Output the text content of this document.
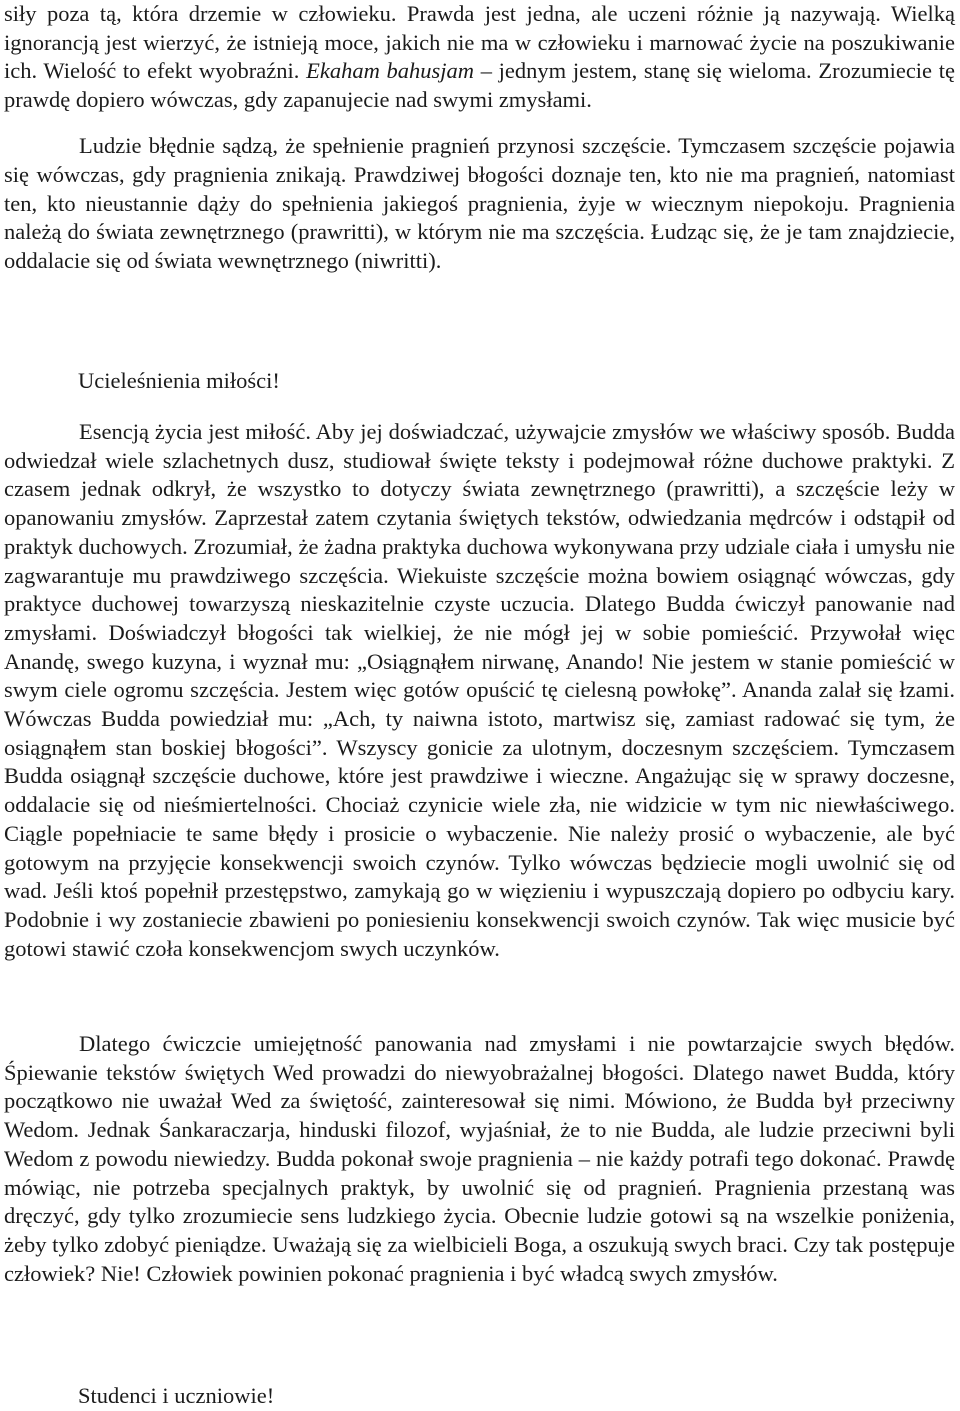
siły poza tą, która drzemie w człowieku. Prawda jest jedna, ale uczeni różnie ją nazywają. Wielką ignorancją jest wierzyć, że istnieją moce, jakich nie ma w człowieku i marnować życie na poszukiwanie ich. Wielość to efekt wyobraźni. Ekaham bahusjam – jednym jestem, stanę się wieloma. Zrozumiecie tę prawdę dopiero wówczas, gdy zapanujecie nad swymi zmysłami.

Ludzie błędnie sądzą, że spełnienie pragnień przynosi szczęście. Tymczasem szczęście pojawia się wówczas, gdy pragnienia znikają. Prawdziwej błogości doznaje ten, kto nie ma pragnień, natomiast ten, kto nieustannie dąży do spełnienia jakiegoś pragnienia, żyje w wiecznym niepokoju. Pragnienia należą do świata zewnętrznego (prawritti), w którym nie ma szczęścia. Łudząc się, że je tam znajdziecie, oddalacie się od świata wewnętrznego (niwritti).

Ucieleśnienia miłości!

Esencją życia jest miłość. Aby jej doświadczać, używajcie zmysłów we właściwy sposób. Budda odwiedzał wiele szlachetnych dusz, studiował święte teksty i podejmował różne duchowe praktyki. Z czasem jednak odkrył, że wszystko to dotyczy świata zewnętrznego (prawritti), a szczęście leży w opanowaniu zmysłów. Zaprzestał zatem czytania świętych tekstów, odwiedzania mędrców i odstąpił od praktyk duchowych. Zrozumiał, że żadna praktyka duchowa wykonywana przy udziale ciała i umysłu nie zagwarantuje mu prawdziwego szczęścia. Wiekuiste szczęście można bowiem osiągnąć wówczas, gdy praktyce duchowej towarzyszą nieskazitelnie czyste uczucia. Dlatego Budda ćwiczył panowanie nad zmysłami. Doświadczył błogości tak wielkiej, że nie mógł jej w sobie pomieścić. Przywołał więc Anandę, swego kuzyna, i wyznał mu: „Osiągnąłem nirwanę, Anando! Nie jestem w stanie pomieścić w swym ciele ogromu szczęścia. Jestem więc gotów opuścić tę cielesną powłokę”. Ananda zalał się łzami. Wówczas Budda powiedział mu: „Ach, ty naiwna istoto, martwisz się, zamiast radować się tym, że osiągnąłem stan boskiej błogości”. Wszyscy gonicie za ulotnym, doczesnym szczęściem. Tymczasem Budda osiągnął szczęście duchowe, które jest prawdziwe i wieczne. Angażując się w sprawy doczesne, oddalacie się od nieśmiertelności. Chociaż czynicie wiele zła, nie widzicie w tym nic niewłaściwego. Ciągle popełniacie te same błędy i prosicie o wybaczenie. Nie należy prosić o wybaczenie, ale być gotowym na przyjęcie konsekwencji swoich czynów. Tylko wówczas będziecie mogli uwolnić się od wad. Jeśli ktoś popełnił przestępstwo, zamykają go w więzieniu i wypuszczają dopiero po odbyciu kary. Podobnie i wy zostaniecie zbawieni po poniesieniu konsekwencji swoich czynów. Tak więc musicie być gotowi stawić czoła konsekwencjom swych uczynków.

Dlatego ćwiczcie umiejętność panowania nad zmysłami i nie powtarzajcie swych błędów. Śpiewanie tekstów świętych Wed prowadzi do niewyobrażalnej błogości. Dlatego nawet Budda, który początkowo nie uważał Wed za świętość, zainteresował się nimi. Mówiono, że Budda był przeciwny Wedom. Jednak Śankaraczarja, hinduski filozof, wyjaśniał, że to nie Budda, ale ludzie przeciwni byli Wedom z powodu niewiedzy. Budda pokonał swoje pragnienia – nie każdy potrafi tego dokonać. Prawdę mówiąc, nie potrzeba specjalnych praktyk, by uwolnić się od pragnień. Pragnienia przestaną was dręczyć, gdy tylko zrozumiecie sens ludzkiego życia. Obecnie ludzie gotowi są na wszelkie poniżenia, żeby tylko zdobyć pieniądze. Uważają się za wielbicieli Boga, a oszukują swych braci. Czy tak postępuje człowiek? Nie! Człowiek powinien pokonać pragnienia i być władcą swych zmysłów.

Studenci i uczniowie!
